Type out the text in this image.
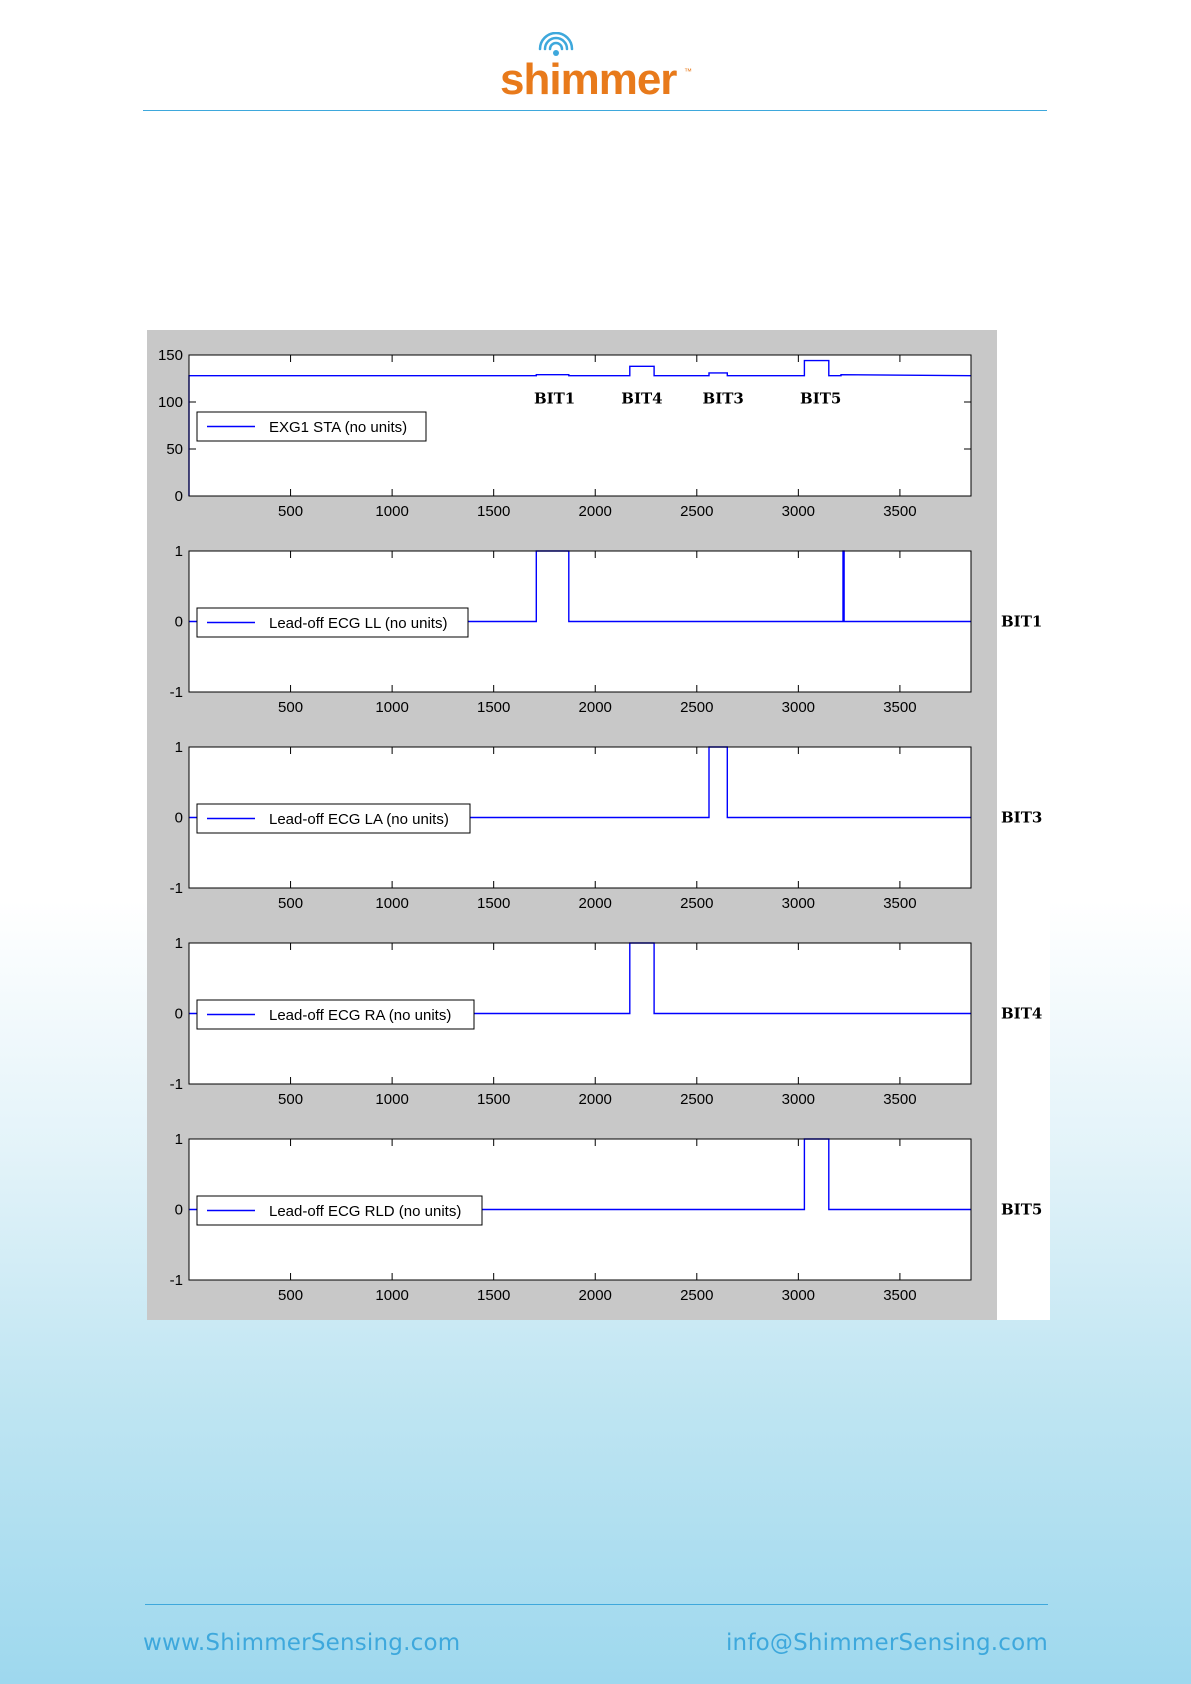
shimmer ™
0
50
100
150
500	1000	1500	2000	2500	3000	3500
EXG1 STA (no units)
BIT1	BIT4	BIT3	BIT5
-1
0
1
500	1000	1500	2000	2500	3000	3500
Lead-off ECG LL (no units)	BIT1
-1
0
1
500	1000	1500	2000	2500	3000	3500
Lead-off ECG LA (no units)	BIT3
-1
0
1
500	1000	1500	2000	2500	3000	3500
Lead-off ECG RA (no units)	BIT4
-1
0
1
500	1000	1500	2000	2500	3000	3500
Lead-off ECG RLD (no units)	BIT5
www.ShimmerSensing.com	info@ShimmerSensing.com
